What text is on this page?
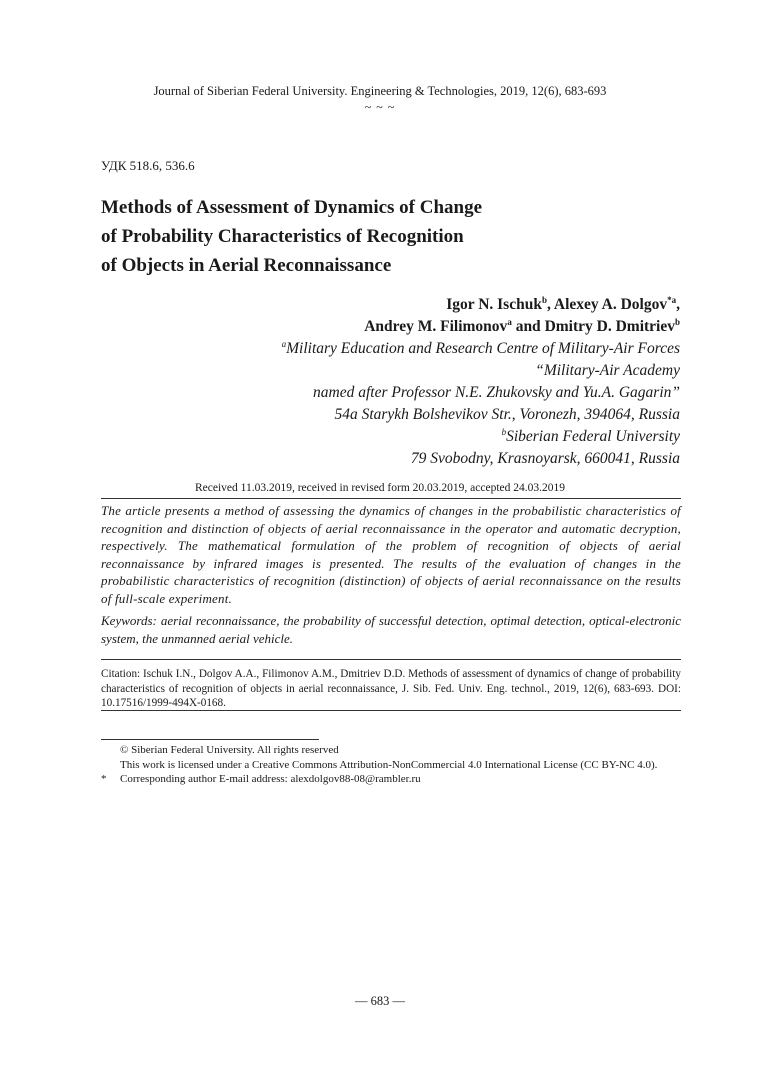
Journal of Siberian Federal University. Engineering & Technologies, 2019, 12(6), 683-693
~ ~ ~
УДК 518.6, 536.6
Methods of Assessment of Dynamics of Change
of Probability Characteristics of Recognition
of Objects in Aerial Reconnaissance
Igor N. Ischuk$^b$, Alexey A. Dolgov$^{*a}$,
Andrey M. Filimonov$^a$ and Dmitry D. Dmitriev$^b$
$^a$Military Education and Research Centre of Military-Air Forces
“Military-Air Academy
named after Professor N.E. Zhukovsky and Yu.A. Gagarin”
54a Starykh Bolshevikov Str., Voronezh, 394064, Russia
$^b$Siberian Federal University
79 Svobodny, Krasnoyarsk, 660041, Russia
Received 11.03.2019, received in revised form 20.03.2019, accepted 24.03.2019
The article presents a method of assessing the dynamics of changes in the probabilistic characteristics of recognition and distinction of objects of aerial reconnaissance in the operator and automatic decryption, respectively. The mathematical formulation of the problem of recognition of objects of aerial reconnaissance by infrared images is presented. The results of the evaluation of changes in the probabilistic characteristics of recognition (distinction) of objects of aerial reconnaissance on the results of full-scale experiment.
Keywords: aerial reconnaissance, the probability of successful detection, optimal detection, optical-electronic system, the unmanned aerial vehicle.
Citation: Ischuk I.N., Dolgov A.A., Filimonov A.M., Dmitriev D.D. Methods of assessment of dynamics of change of probability characteristics of recognition of objects in aerial reconnaissance, J. Sib. Fed. Univ. Eng. technol., 2019, 12(6), 683-693. DOI: 10.17516/1999-494X-0168.
© Siberian Federal University. All rights reserved
This work is licensed under a Creative Commons Attribution-NonCommercial 4.0 International License (CC BY-NC 4.0).
* Corresponding author E-mail address: alexdolgov88-08@rambler.ru
— 683 —
